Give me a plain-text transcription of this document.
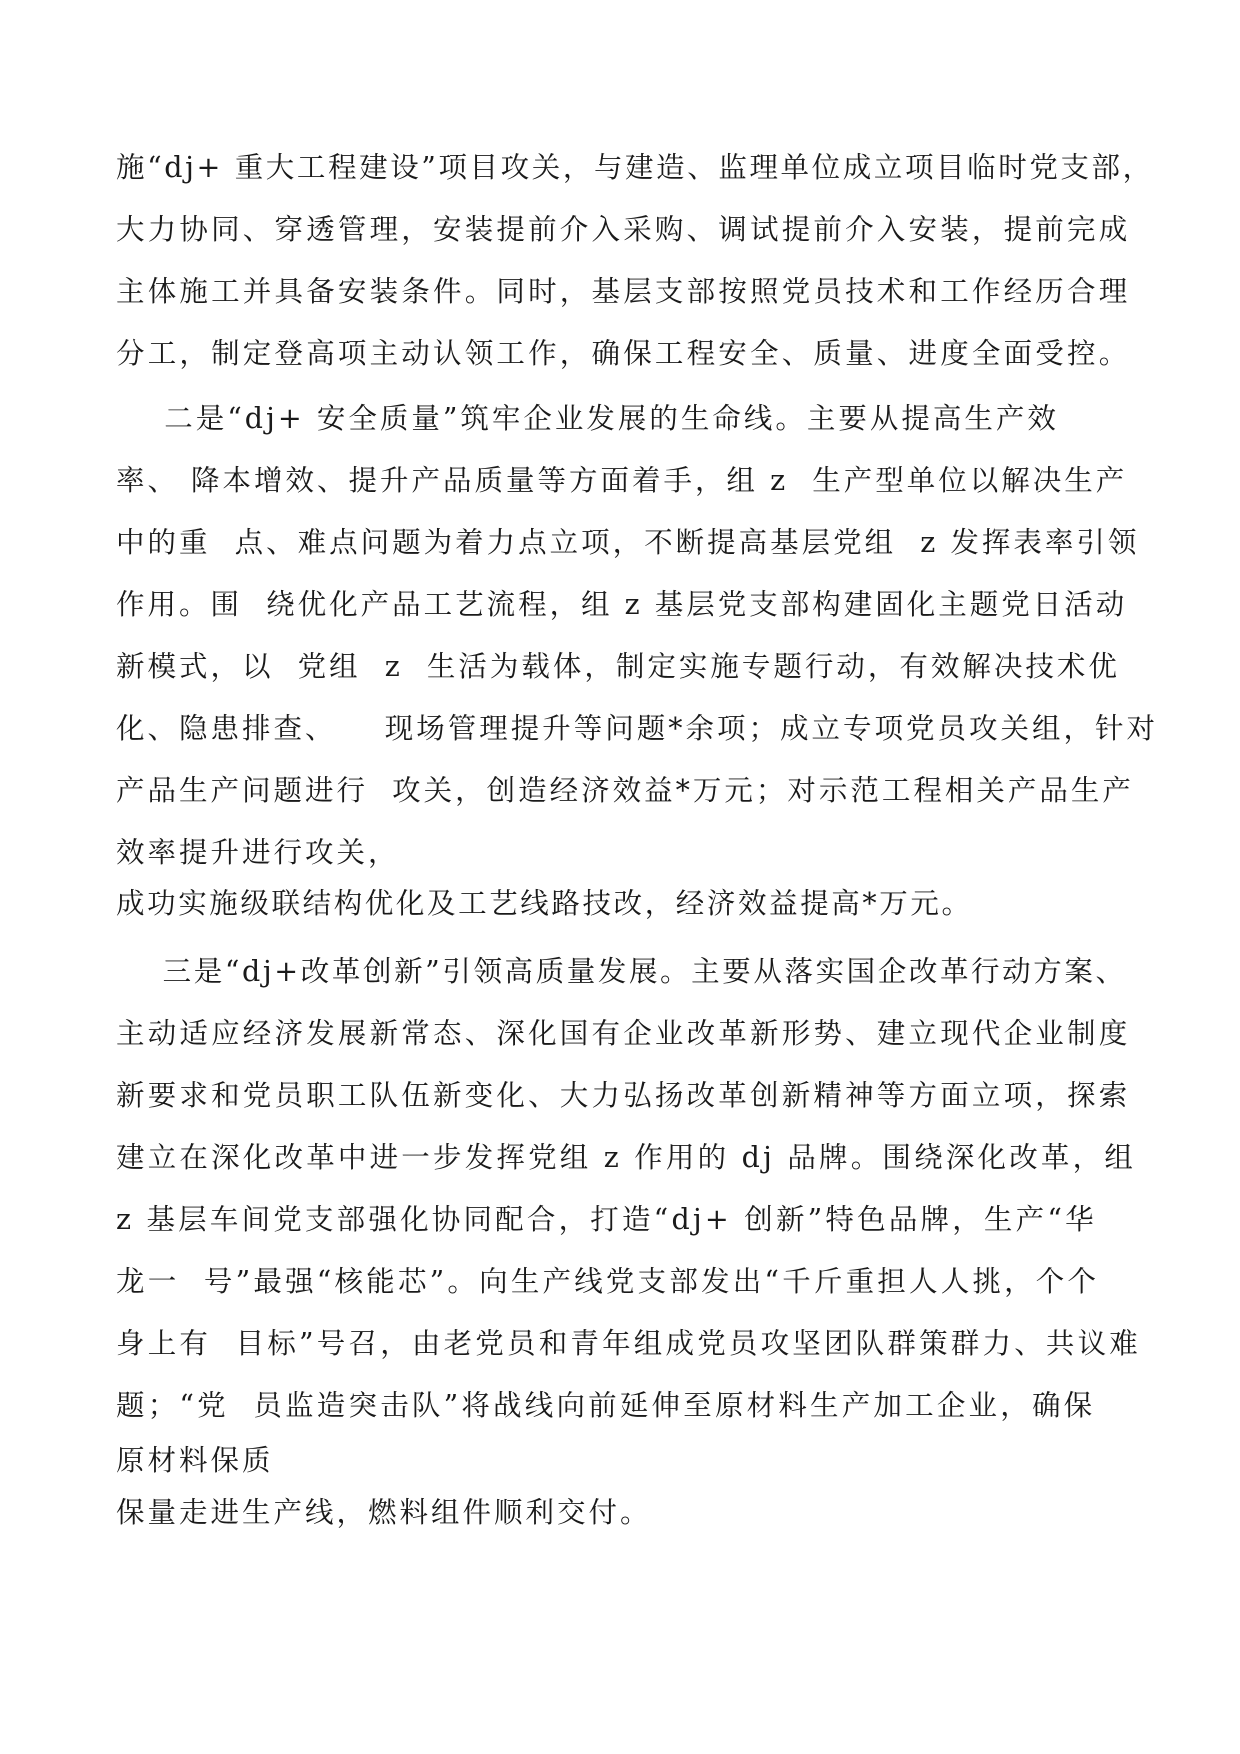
施“dj+ 重大工程建设”项目攻关，与建造、监理单位成立项目临时党支部，
大力协同、穿透管理，安装提前介入采购、调试提前介入安装，提前完成
主体施工并具备安装条件。同时，基层支部按照党员技术和工作经历合理
分工，制定登高项主动认领工作，确保工程安全、质量、进度全面受控。
二是“dj+ 安全质量”筑牢企业发展的生命线。主要从提高生产效
率、 降本增效、提升产品质量等方面着手，组 z  生产型单位以解决生产
中的重  点、难点问题为着力点立项，不断提高基层党组  z 发挥表率引领
作用。围  绕优化产品工艺流程，组 z 基层党支部构建固化主题党日活动
新模式，以  党组  z  生活为载体，制定实施专题行动，有效解决技术优
化、隐患排查、    现场管理提升等问题*余项；成立专项党员攻关组，针对
产品生产问题进行  攻关，创造经济效益*万元；对示范工程相关产品生产
效率提升进行攻关，
成功实施级联结构优化及工艺线路技改，经济效益提高*万元。
三是“dj+改革创新”引领高质量发展。主要从落实国企改革行动方案、
主动适应经济发展新常态、深化国有企业改革新形势、建立现代企业制度
新要求和党员职工队伍新变化、大力弘扬改革创新精神等方面立项，探索
建立在深化改革中进一步发挥党组 z 作用的 dj 品牌。围绕深化改革，组
z 基层车间党支部强化协同配合，打造“dj+ 创新”特色品牌，生产“华
龙一  号”最强“核能芯”。向生产线党支部发出“千斤重担人人挑，个个
身上有  目标”号召，由老党员和青年组成党员攻坚团队群策群力、共议难
题；“党  员监造突击队”将战线向前延伸至原材料生产加工企业，确保
原材料保质
保量走进生产线，燃料组件顺利交付。
